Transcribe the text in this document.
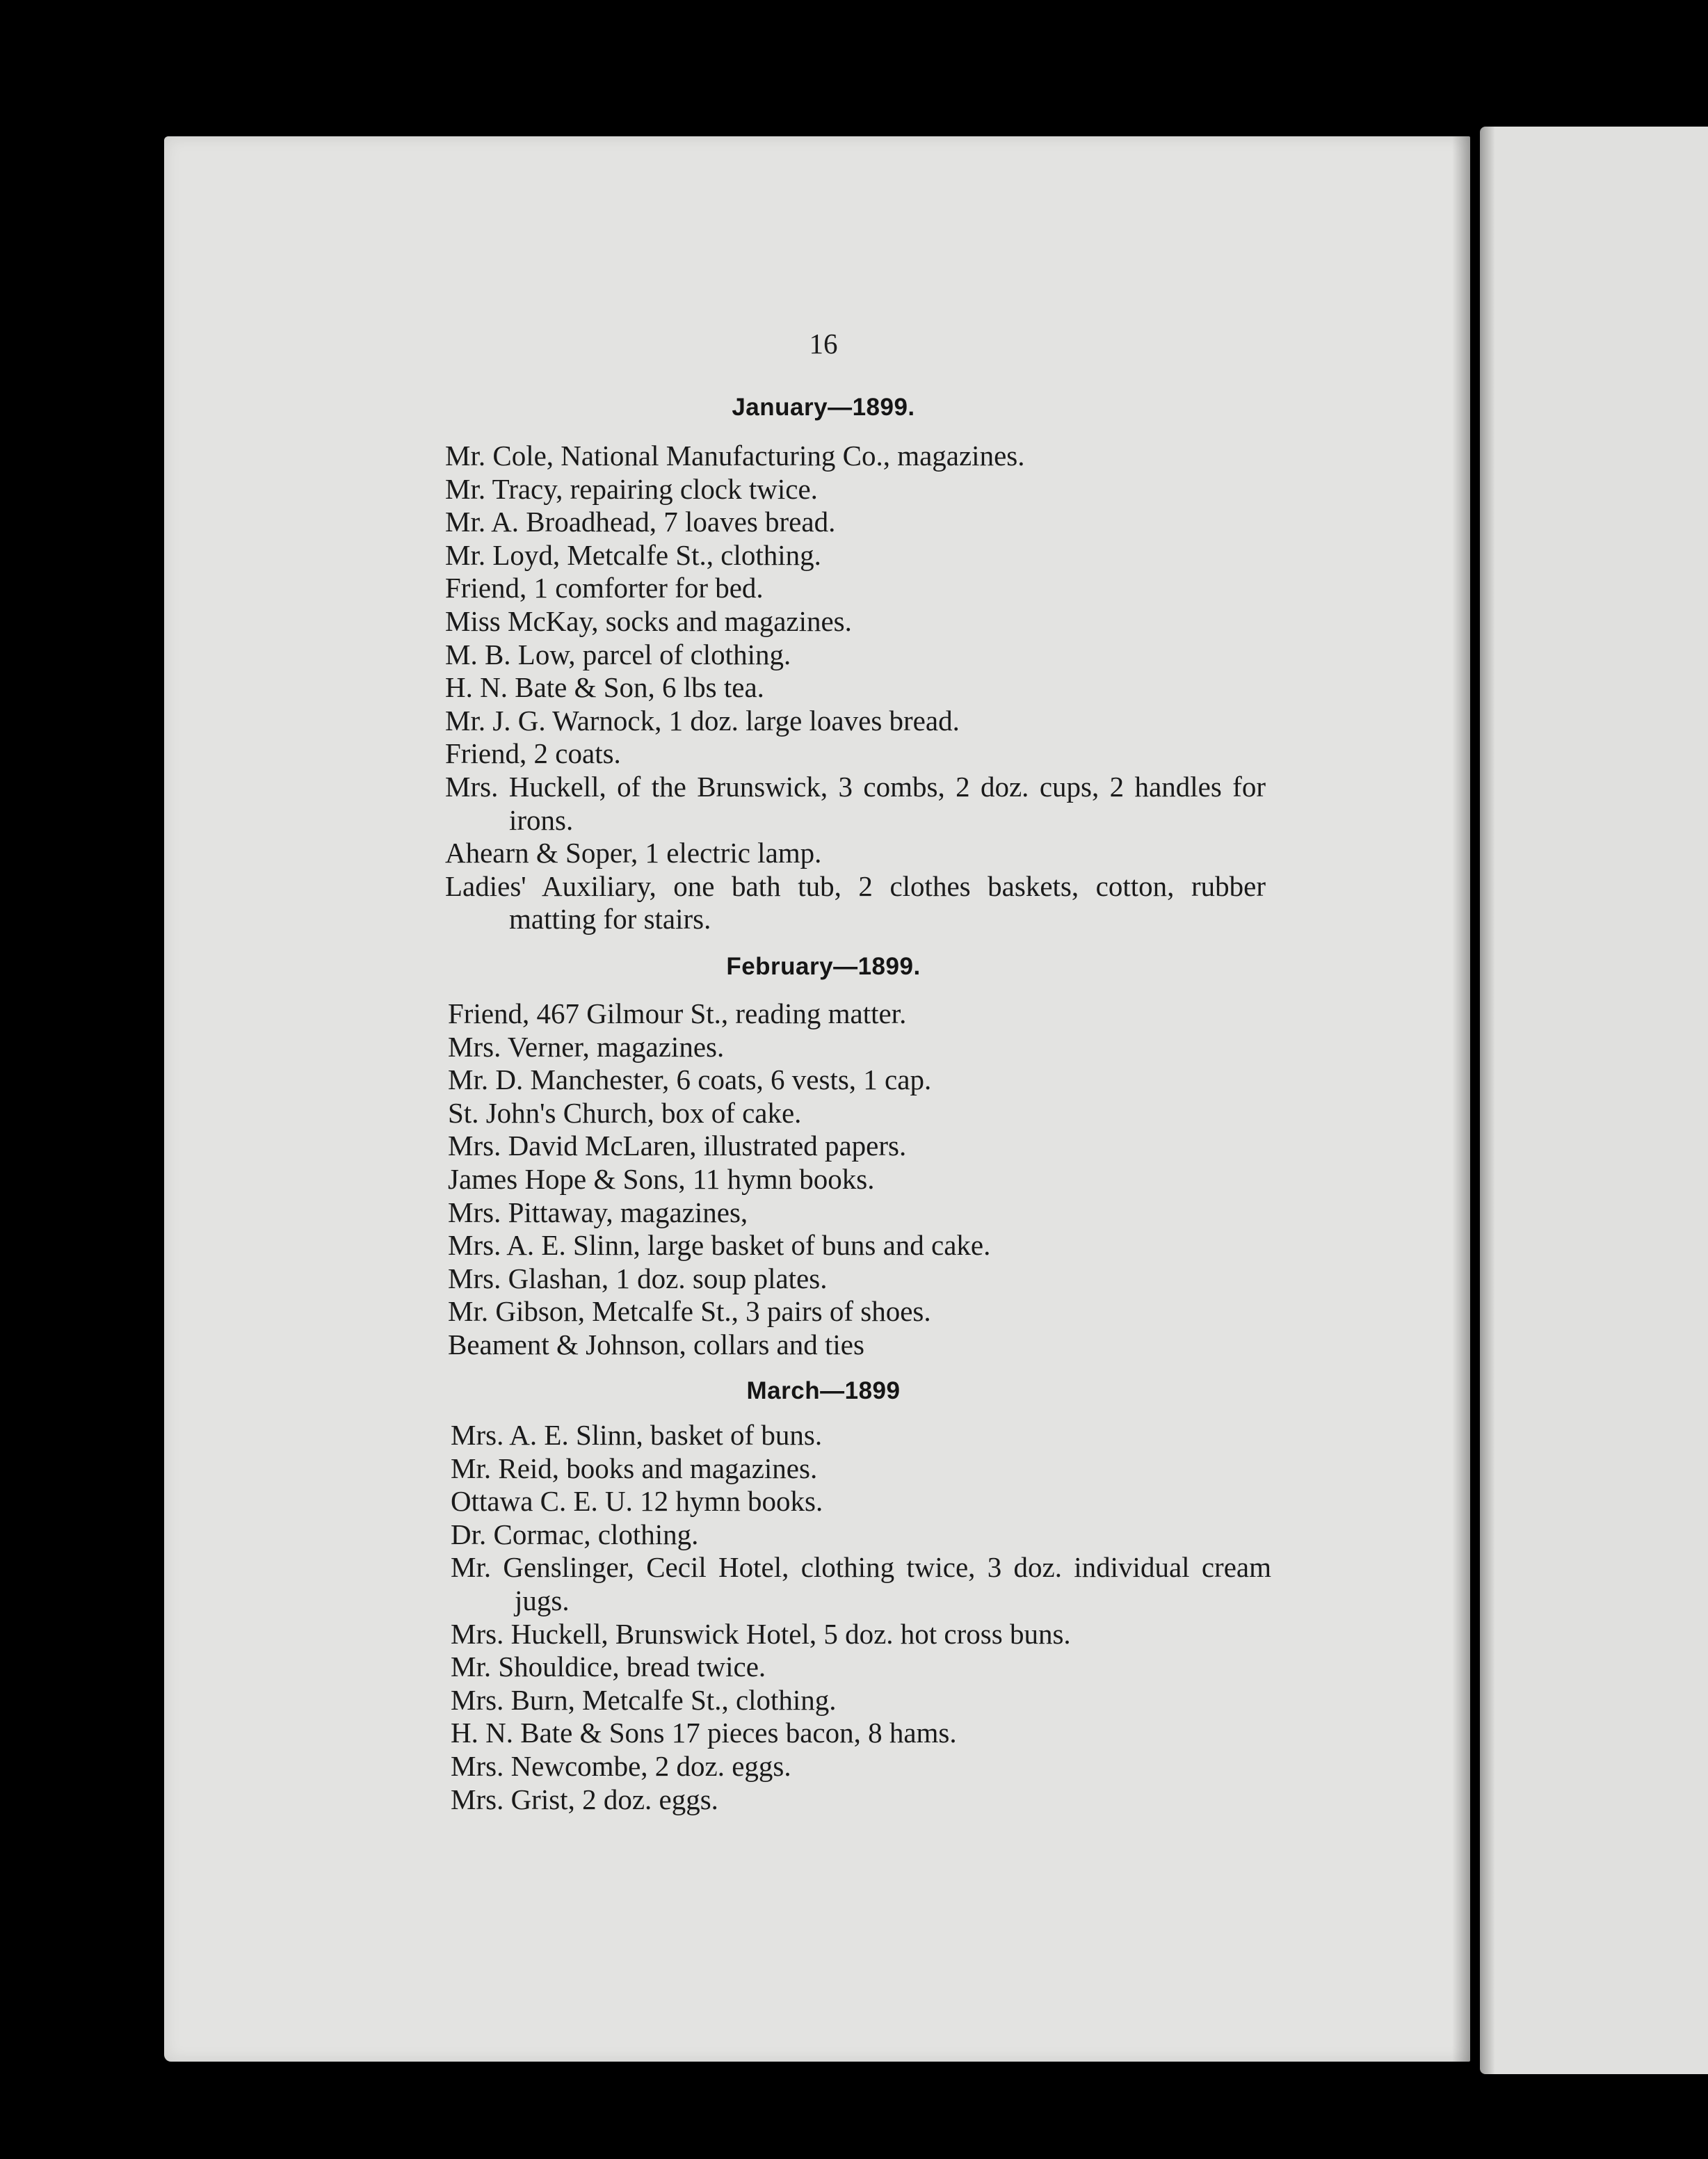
16
January—1899.
Mr. Cole, National Manufacturing Co., magazines.
Mr. Tracy, repairing clock twice.
Mr. A. Broadhead, 7 loaves bread.
Mr. Loyd, Metcalfe St., clothing.
Friend, 1 comforter for bed.
Miss McKay, socks and magazines.
M. B. Low, parcel of clothing.
H. N. Bate & Son, 6 lbs tea.
Mr. J. G. Warnock, 1 doz. large loaves bread.
Friend, 2 coats.
Mrs. Huckell, of the Brunswick, 3 combs, 2 doz. cups, 2 handles for irons.
Ahearn & Soper, 1 electric lamp.
Ladies' Auxiliary, one bath tub, 2 clothes baskets, cotton, rubber matting for stairs.
February—1899.
Friend, 467 Gilmour St., reading matter.
Mrs. Verner, magazines.
Mr. D. Manchester, 6 coats, 6 vests, 1 cap.
St. John's Church, box of cake.
Mrs. David McLaren, illustrated papers.
James Hope & Sons, 11 hymn books.
Mrs. Pittaway, magazines,
Mrs. A. E. Slinn, large basket of buns and cake.
Mrs. Glashan, 1 doz. soup plates.
Mr. Gibson, Metcalfe St., 3 pairs of shoes.
Beament & Johnson, collars and ties
March—1899
Mrs. A. E. Slinn, basket of buns.
Mr. Reid, books and magazines.
Ottawa C. E. U. 12 hymn books.
Dr. Cormac, clothing.
Mr. Genslinger, Cecil Hotel, clothing twice, 3 doz. individual cream jugs.
Mrs. Huckell, Brunswick Hotel, 5 doz. hot cross buns.
Mr. Shouldice, bread twice.
Mrs. Burn, Metcalfe St., clothing.
H. N. Bate & Sons 17 pieces bacon, 8 hams.
Mrs. Newcombe, 2 doz. eggs.
Mrs. Grist, 2 doz. eggs.
